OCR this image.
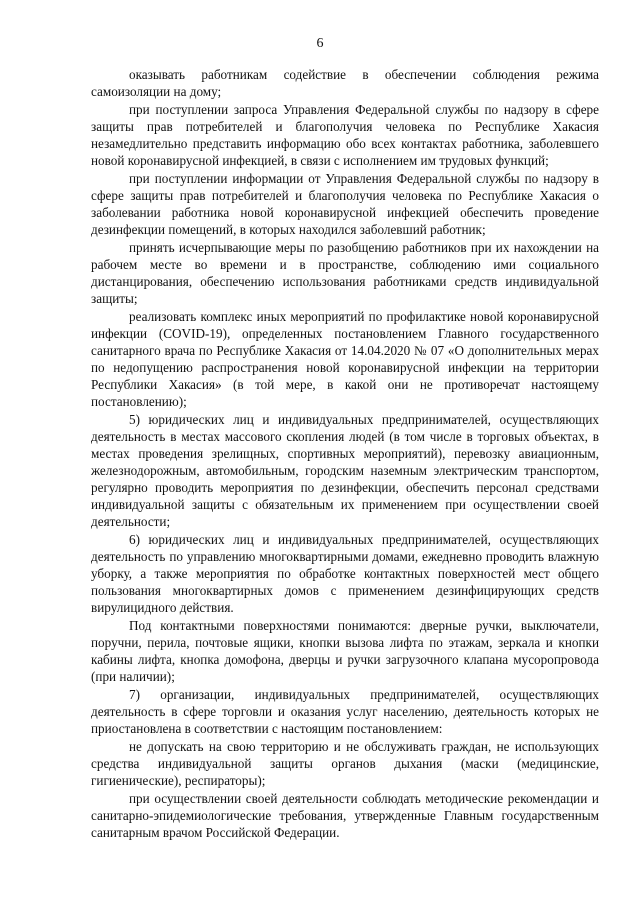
6

оказывать работникам содействие в обеспечении соблюдения режима самоизоляции на дому;

при поступлении запроса Управления Федеральной службы по надзору в сфере защиты прав потребителей и благополучия человека по Республике Хакасия незамедлительно представить информацию обо всех контактах работника, заболевшего новой коронавирусной инфекцией, в связи с исполнением им трудовых функций;

при поступлении информации от Управления Федеральной службы по надзору в сфере защиты прав потребителей и благополучия человека по Республике Хакасия о заболевании работника новой коронавирусной инфекцией обеспечить проведение дезинфекции помещений, в которых находился заболевший работник;

принять исчерпывающие меры по разобщению работников при их нахождении на рабочем месте во времени и в пространстве, соблюдению ими социального дистанцирования, обеспечению использования работниками средств индивидуальной защиты;

реализовать комплекс иных мероприятий по профилактике новой коронавирусной инфекции (COVID-19), определенных постановлением Главного государственного санитарного врача по Республике Хакасия от 14.04.2020 № 07 «О дополнительных мерах по недопущению распространения новой коронавирусной инфекции на территории Республики Хакасия» (в той мере, в какой они не противоречат настоящему постановлению);

5) юридических лиц и индивидуальных предпринимателей, осуществляющих деятельность в местах массового скопления людей (в том числе в торговых объектах, в местах проведения зрелищных, спортивных мероприятий), перевозку авиационным, железнодорожным, автомобильным, городским наземным электрическим транспортом, регулярно проводить мероприятия по дезинфекции, обеспечить персонал средствами индивидуальной защиты с обязательным их применением при осуществлении своей деятельности;

6) юридических лиц и индивидуальных предпринимателей, осуществляющих деятельность по управлению многоквартирными домами, ежедневно проводить влажную уборку, а также мероприятия по обработке контактных поверхностей мест общего пользования многоквартирных домов с применением дезинфицирующих средств вирулицидного действия.

Под контактными поверхностями понимаются: дверные ручки, выключатели, поручни, перила, почтовые ящики, кнопки вызова лифта по этажам, зеркала и кнопки кабины лифта, кнопка домофона, дверцы и ручки загрузочного клапана мусоропровода (при наличии);

7) организации, индивидуальных предпринимателей, осуществляющих деятельность в сфере торговли и оказания услуг населению, деятельность которых не приостановлена в соответствии с настоящим постановлением:

не допускать на свою территорию и не обслуживать граждан, не использующих средства индивидуальной защиты органов дыхания (маски (медицинские, гигиенические), респираторы);

при осуществлении своей деятельности соблюдать методические рекомендации и санитарно-эпидемиологические требования, утвержденные Главным государственным санитарным врачом Российской Федерации.
